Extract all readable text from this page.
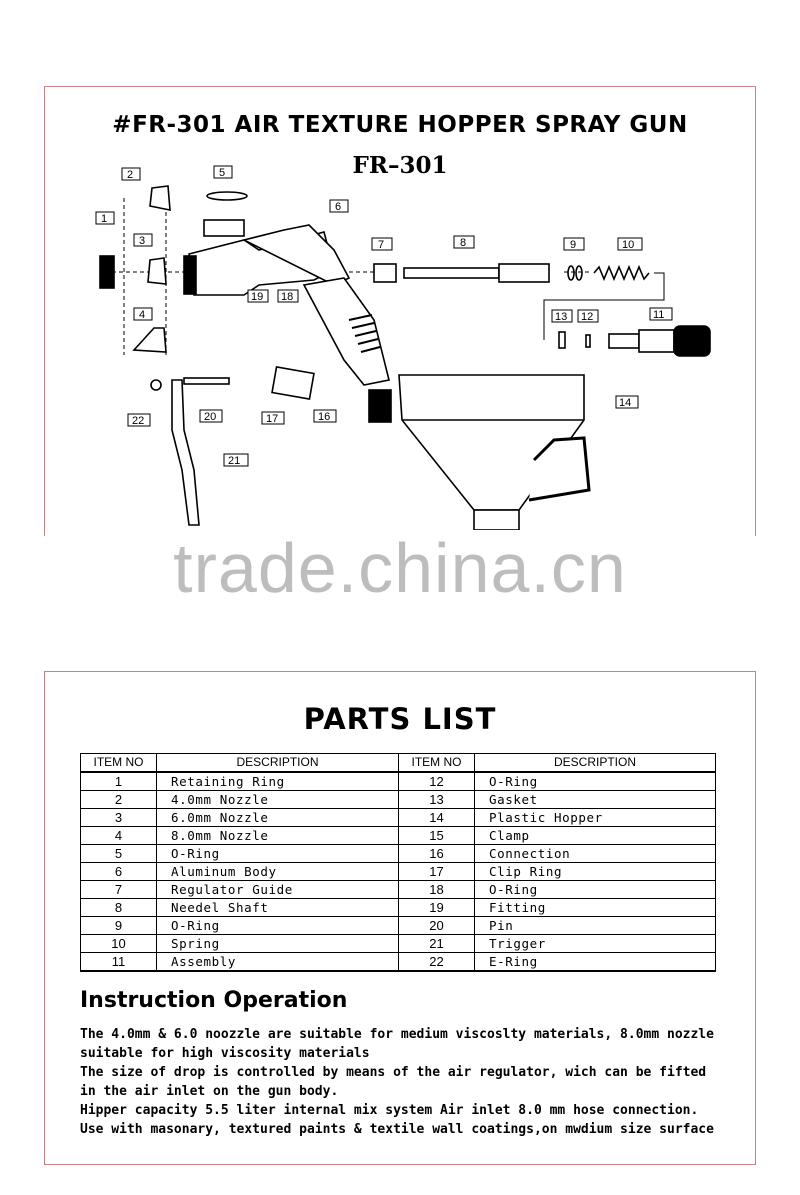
#FR-301 AIR TEXTURE HOPPER SPRAY GUN
FR–301
2	5
6
1
3	7	8	9	10
19 18
4	11
13 12
14
20
22	16
17
21
trade.china.cn
PARTS LIST
ITEM NO	DESCRIPTION	ITEM NO	DESCRIPTION
1	Retaining Ring	12	O-Ring
2	4.0mm Nozzle	13	Gasket
3	6.0mm Nozzle	14	Plastic Hopper
4	8.0mm Nozzle	15	Clamp
5	O-Ring	16	Connection
6	Aluminum Body	17	Clip Ring
7	Regulator Guide	18	O-Ring
8	Needel Shaft	19	Fitting
9	O-Ring	20	Pin
10	Spring	21	Trigger
11	Assembly	22	E-Ring
Instruction Operation
The 4.0mm & 6.0 noozzle are suitable for medium viscoslty materials, 8.0mm nozzle
suitable for high viscosity materials
The size of drop is controlled by means of the air regulator, wich can be fifted
in the air inlet on the gun body.
Hipper capacity 5.5 liter internal mix system Air inlet 8.0 mm hose connection.
Use with masonary, textured paints & textile wall coatings,on mwdium size surface
